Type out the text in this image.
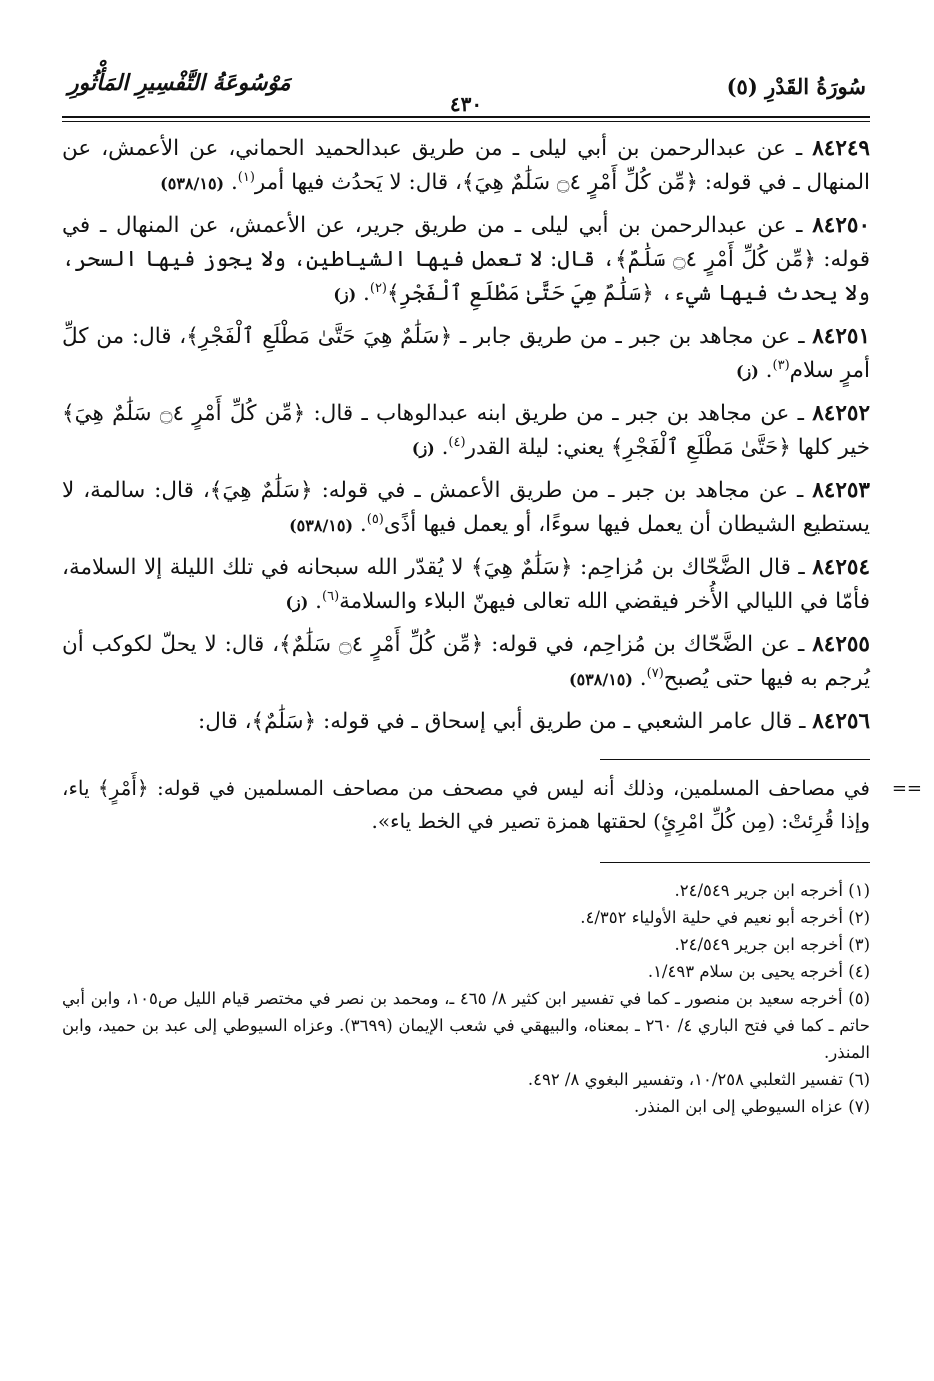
سُورَةُ القَدْرِ (٥)
مَوْسُوعَةُ التَّفْسِيرِ المَأْثُورِ
٤٣٠

٨٤٢٤٩ ـ عن عبدالرحمن بن أبي ليلى ـ من طريق عبدالحميد الحماني، عن الأعمش، عن المنهال ـ في قوله: ﴿مِّن كُلِّ أَمْرٍ ۝٤ سَلَٰمٌ هِيَ﴾، قال: لا يَحدُث فيها أمر$^{(١)}$. (٥٣٨/١٥)

٨٤٢٥٠ ـ عن عبدالرحمن بن أبي ليلى ـ من طريق جرير، عن الأعمش، عن المنهال ـ في قوله: ﴿مِّن كُلِّ أَمْرٍ ۝٤ سَلَٰمٌ﴾، قال: لا تعمل فيها الشياطين، ولا يجوز فيها السحر، ولا يحدث فيها شيء، ﴿سَلَٰمٌ هِيَ حَتَّىٰ مَطْلَعِ ٱلْفَجْرِ﴾$^{(٢)}$. (ز)

٨٤٢٥١ ـ عن مجاهد بن جبر ـ من طريق جابر ـ ﴿سَلَٰمٌ هِيَ حَتَّىٰ مَطْلَعِ ٱلْفَجْرِ﴾، قال: من كلِّ أمرٍ سلام$^{(٣)}$. (ز)

٨٤٢٥٢ ـ عن مجاهد بن جبر ـ من طريق ابنه عبدالوهاب ـ قال: ﴿مِّن كُلِّ أَمْرٍ ۝٤ سَلَٰمٌ هِيَ﴾ خير كلها ﴿حَتَّىٰ مَطْلَعِ ٱلْفَجْرِ﴾ يعني: ليلة القدر$^{(٤)}$. (ز)

٨٤٢٥٣ ـ عن مجاهد بن جبر ـ من طريق الأعمش ـ في قوله: ﴿سَلَٰمٌ هِيَ﴾، قال: سالمة، لا يستطيع الشيطان أن يعمل فيها سوءًا، أو يعمل فيها أذًى$^{(٥)}$. (٥٣٨/١٥)

٨٤٢٥٤ ـ قال الضَّحّاك بن مُزاحِم: ﴿سَلَٰمٌ هِيَ﴾ لا يُقدّر الله سبحانه في تلك الليلة إلا السلامة، فأمّا في الليالي الأُخر فيقضي الله تعالى فيهنّ البلاء والسلامة$^{(٦)}$. (ز)

٨٤٢٥٥ ـ عن الضَّحّاك بن مُزاحِم، في قوله: ﴿مِّن كُلِّ أَمْرٍ ۝٤ سَلَٰمٌ﴾، قال: لا يحلّ لكوكب أن يُرجم به فيها حتى يُصبح$^{(٧)}$. (٥٣٨/١٥)

٨٤٢٥٦ ـ قال عامر الشعبي ـ من طريق أبي إسحاق ـ في قوله: ﴿سَلَٰمٌ﴾، قال:

==
في مصاحف المسلمين، وذلك أنه ليس في مصحف من مصاحف المسلمين في قوله: ﴿أَمْرٍ﴾ ياء، وإذا قُرِئتْ: (مِن كُلِّ امْرِئٍ) لحقتها همزة تصير في الخط ياء».
(١) أخرجه ابن جرير ٢٤/٥٤٩.
(٢) أخرجه أبو نعيم في حلية الأولياء ٤/٣٥٢.
(٣) أخرجه ابن جرير ٢٤/٥٤٩.
(٤) أخرجه يحيى بن سلام ١/٤٩٣.
(٥) أخرجه سعيد بن منصور ـ كما في تفسير ابن كثير ٨/ ٤٦٥ ـ، ومحمد بن نصر في مختصر قيام الليل ص١٠٥، وابن أبي حاتم ـ كما في فتح الباري ٤/ ٢٦٠ ـ بمعناه، والبيهقي في شعب الإيمان (٣٦٩٩). وعزاه السيوطي إلى عبد بن حميد، وابن المنذر.
(٦) تفسير الثعلبي ١٠/٢٥٨، وتفسير البغوي ٨/ ٤٩٢.
(٧) عزاه السيوطي إلى ابن المنذر.
